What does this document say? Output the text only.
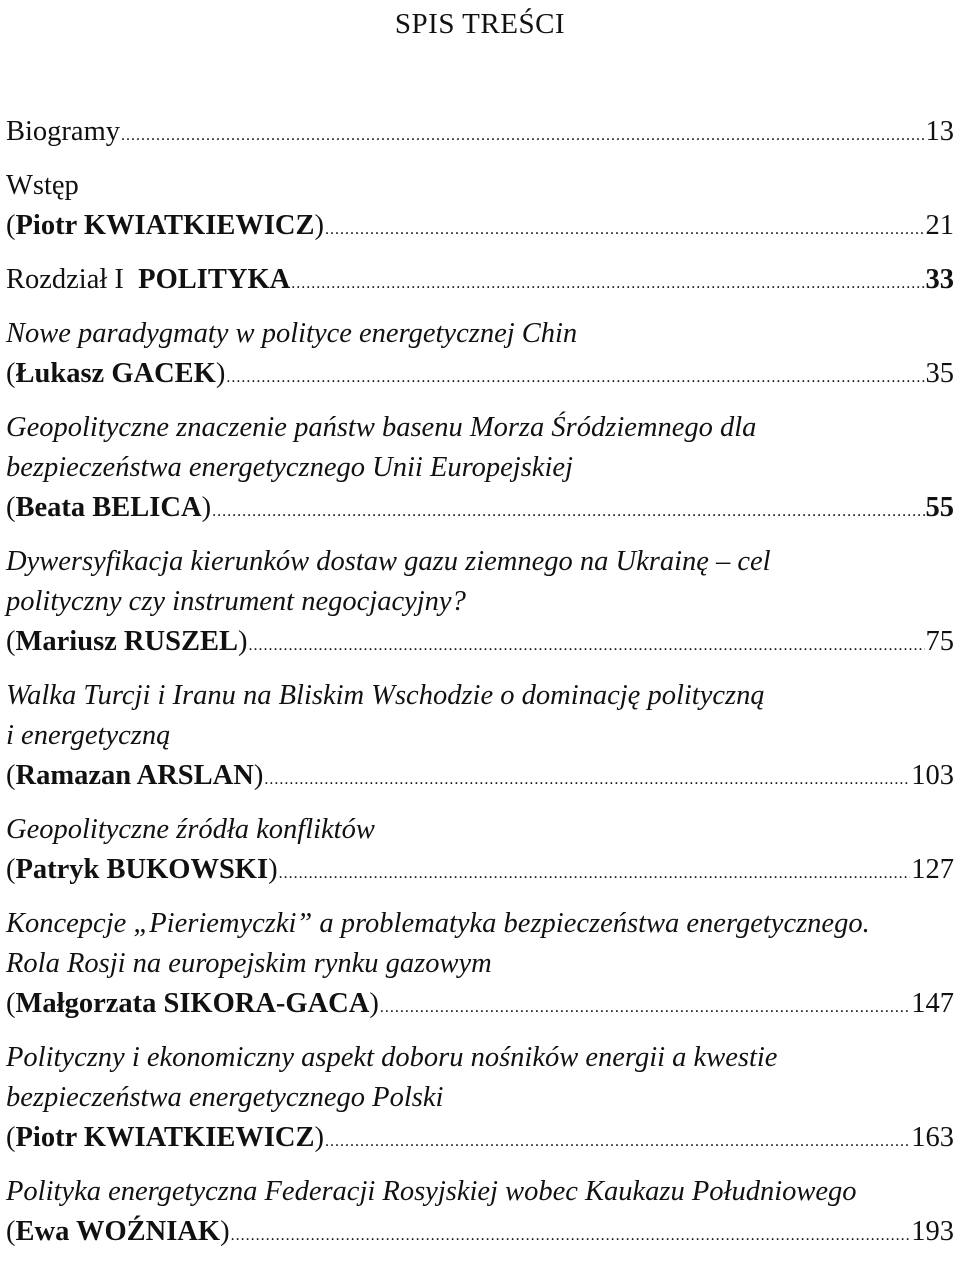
SPIS TREŚCI
Biogramy .....	13
Wstęp
(Piotr KWIATKIEWICZ) .....	21
Rozdział I  POLITYKA .....	33
Nowe paradygmaty w polityce energetycznej Chin
(Łukasz GACEK) .....	35
Geopolityczne znaczenie państw basenu Morza Śródziemnego dla
bezpieczeństwa energetycznego Unii Europejskiej
(Beata BELICA) .....	55
Dywersyfikacja kierunków dostaw gazu ziemnego na Ukrainę – cel
polityczny czy instrument negocjacyjny?
(Mariusz RUSZEL) .....	75
Walka Turcji i Iranu na Bliskim Wschodzie o dominację polityczną
i energetyczną
(Ramazan ARSLAN) .....	103
Geopolityczne źródła konfliktów
(Patryk BUKOWSKI) .....	127
Koncepcje „Pieriemyczki” a problematyka bezpieczeństwa energetycznego.
Rola Rosji na europejskim rynku gazowym
(Małgorzata SIKORA-GACA) .....	147
Polityczny i ekonomiczny aspekt doboru nośników energii a kwestie
bezpieczeństwa energetycznego Polski
(Piotr KWIATKIEWICZ) .....	163
Polityka energetyczna Federacji Rosyjskiej wobec Kaukazu Południowego
(Ewa WOŹNIAK) .....	193
